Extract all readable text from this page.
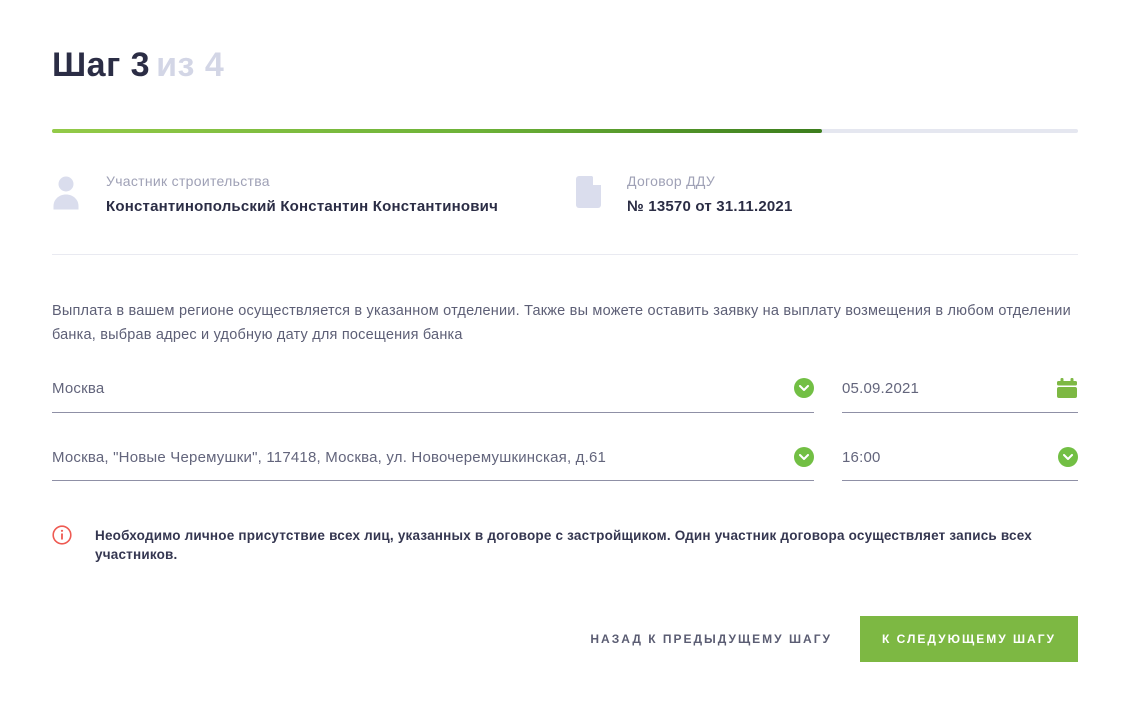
Шаг 3 из 4
Участник строительства
Константинопольский Константин Константинович
Договор ДДУ
№ 13570 от 31.11.2021

Выплата в вашем регионе осуществляется в указанном отделении. Также вы можете оставить заявку на выплату возмещения в любом отделении банка, выбрав адрес и удобную дату для посещения банка

Москва	05.09.2021
Москва, "Новые Черемушки", 117418, Москва, ул. Новочеремушкинская, д.61	16:00
Необходимо личное присутствие всех лиц, указанных в договоре с застройщиком. Один участник договора осуществляет запись всех участников.
НАЗАД К ПРЕДЫДУЩЕМУ ШАГУ	К СЛЕДУЮЩЕМУ ШАГУ
